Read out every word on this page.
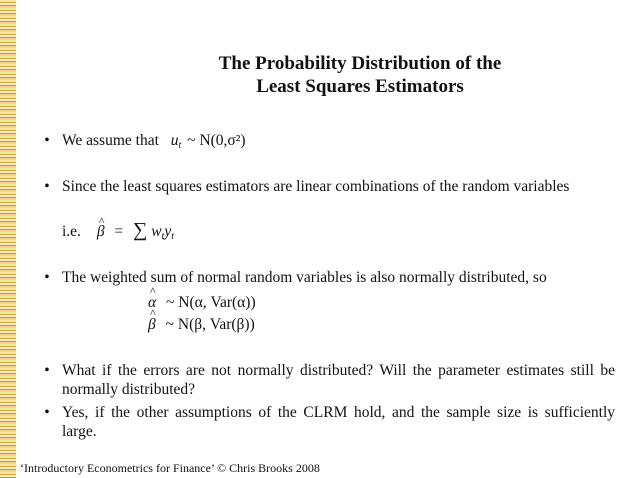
The Probability Distribution of the
Least Squares Estimators
• We assume that $u_t$ ~ N(0,σ²)
• Since the least squares estimators are linear combinations of the random variables
i.e. ^ β = ∑ $w_ty_t$
• The weighted sum of normal random variables is also normally distributed, so
^ α ~ N(α, Var(α))
^ β ~ N(β, Var(β))
• What if the errors are not normally distributed? Will the parameter estimates still be normally distributed?
• Yes, if the other assumptions of the CLRM hold, and the sample size is sufficiently large.
‘Introductory Econometrics for Finance’ © Chris Brooks 2008
